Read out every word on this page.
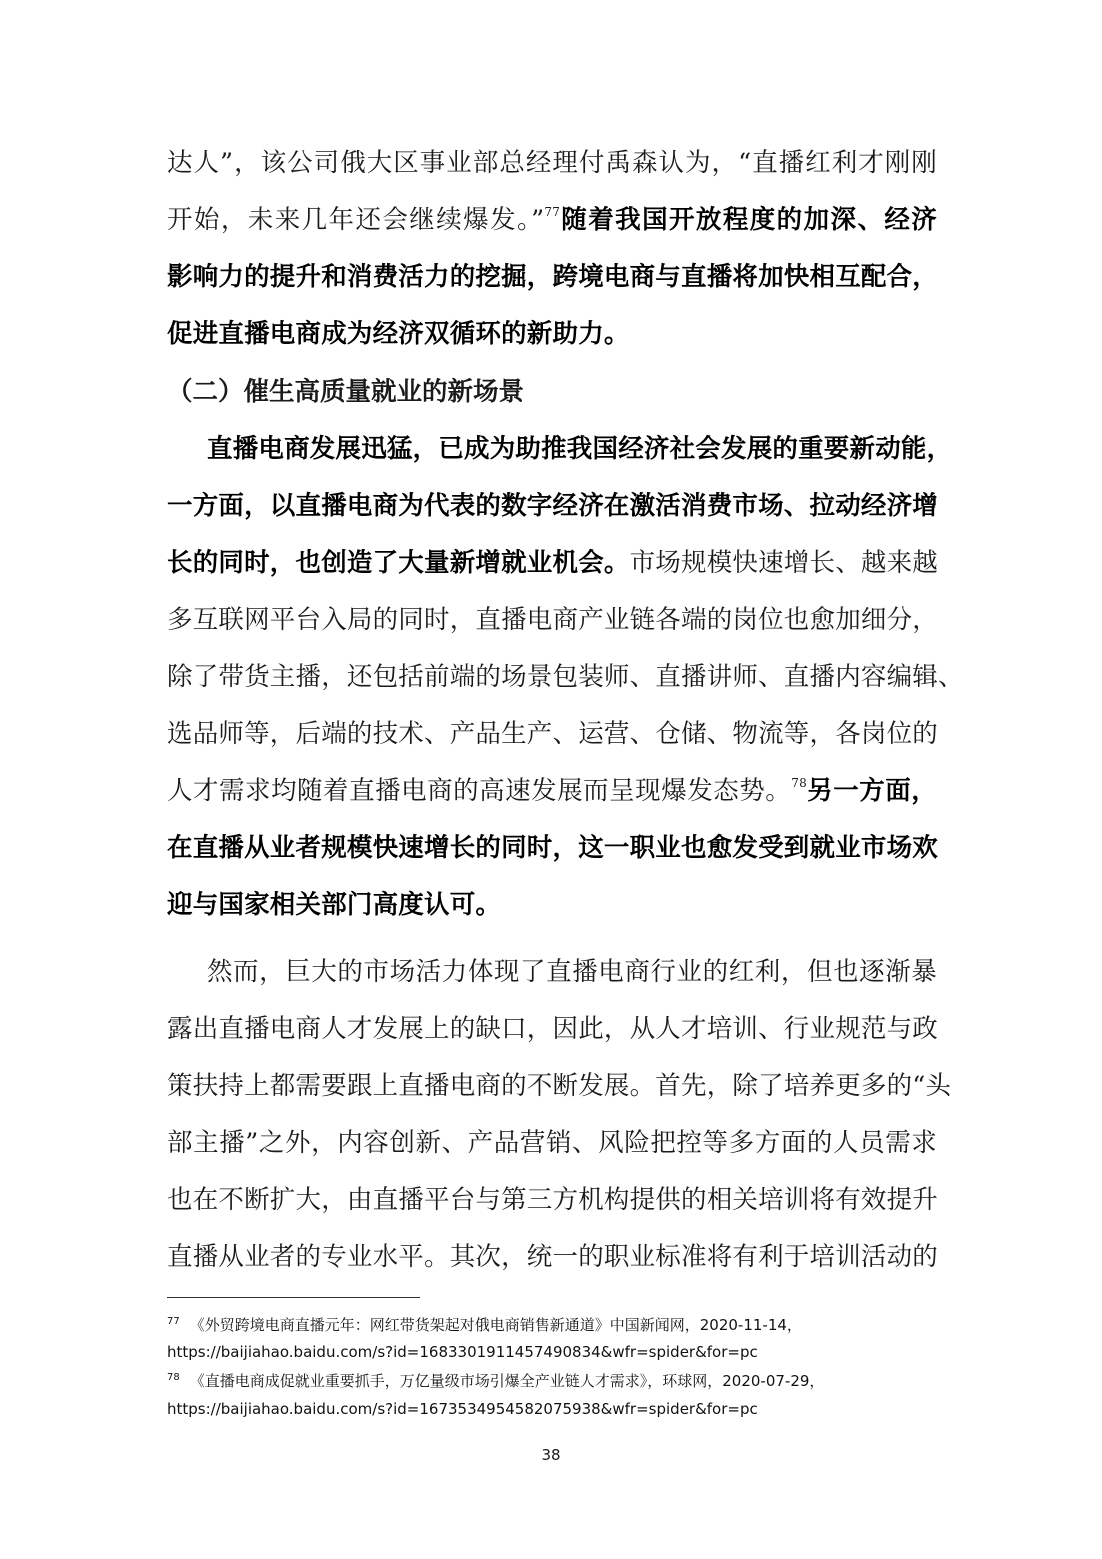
达人”，该公司俄大区事业部总经理付禹森认为，“直播红利才刚刚
开始，未来几年还会继续爆发。”$^{77}$随着我国开放程度的加深、经济
影响力的提升和消费活力的挖掘，跨境电商与直播将加快相互配合，
促进直播电商成为经济双循环的新助力。
（二）催生高质量就业的新场景
直播电商发展迅猛，已成为助推我国经济社会发展的重要新动能，
一方面，以直播电商为代表的数字经济在激活消费市场、拉动经济增
长的同时，也创造了大量新增就业机会。市场规模快速增长、越来越
多互联网平台入局的同时，直播电商产业链各端的岗位也愈加细分，
除了带货主播，还包括前端的场景包装师、直播讲师、直播内容编辑、
选品师等，后端的技术、产品生产、运营、仓储、物流等，各岗位的
人才需求均随着直播电商的高速发展而呈现爆发态势。$^{78}$另一方面，
在直播从业者规模快速增长的同时，这一职业也愈发受到就业市场欢
迎与国家相关部门高度认可。
然而，巨大的市场活力体现了直播电商行业的红利，但也逐渐暴
露出直播电商人才发展上的缺口，因此，从人才培训、行业规范与政
策扶持上都需要跟上直播电商的不断发展。首先，除了培养更多的“头
部主播”之外，内容创新、产品营销、风险把控等多方面的人员需求
也在不断扩大，由直播平台与第三方机构提供的相关培训将有效提升
直播从业者的专业水平。其次，统一的职业标准将有利于培训活动的
$^{77}$ 《外贸跨境电商直播元年：网红带货架起对俄电商销售新通道》中国新闻网，2020-11-14，
https://baijiahao.baidu.com/s?id=1683301911457490834&wfr=spider&for=pc
$^{78}$ 《直播电商成促就业重要抓手，万亿量级市场引爆全产业链人才需求》，环球网，2020-07-29，
https://baijiahao.baidu.com/s?id=1673534954582075938&wfr=spider&for=pc
38
